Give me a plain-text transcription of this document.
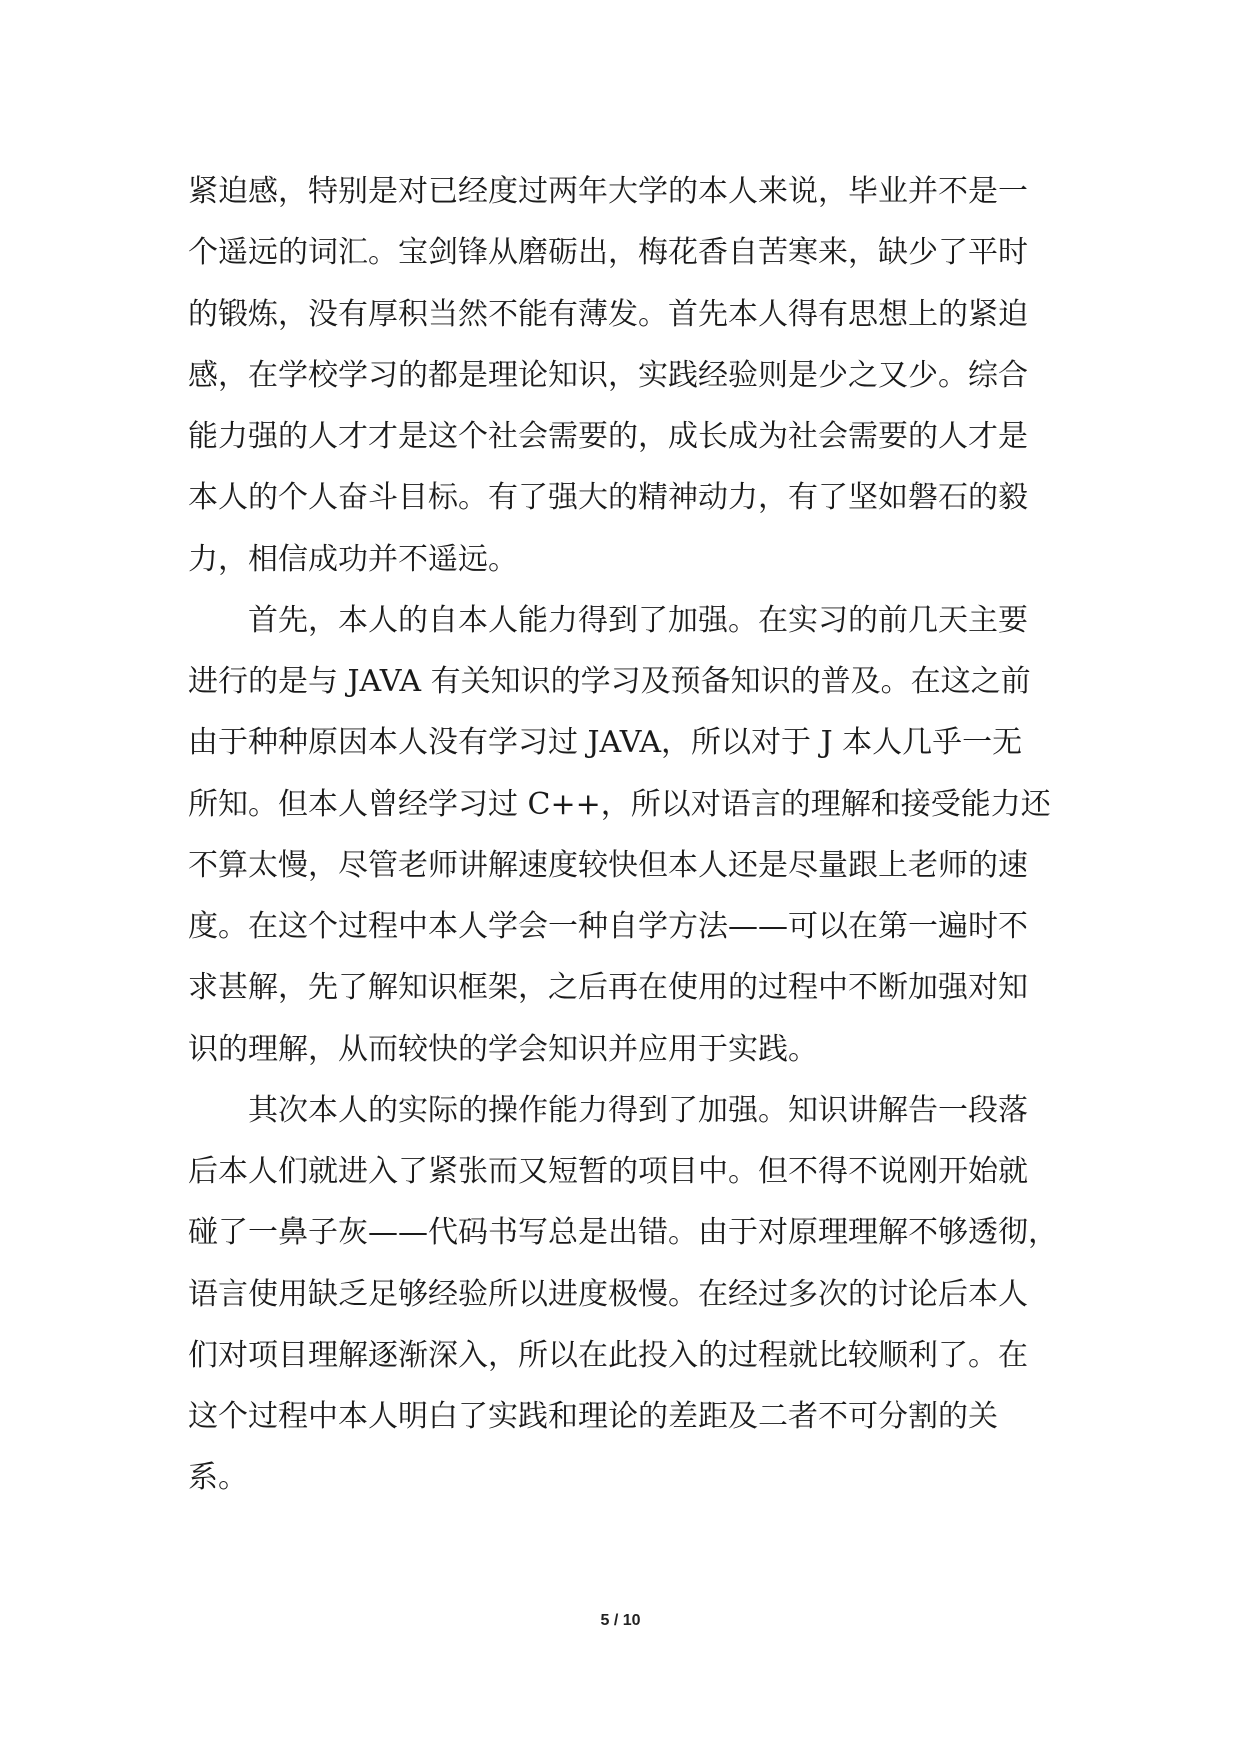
紧迫感，特别是对已经度过两年大学的本人来说，毕业并不是一
个遥远的词汇。宝剑锋从磨砺出，梅花香自苦寒来，缺少了平时
的锻炼，没有厚积当然不能有薄发。首先本人得有思想上的紧迫
感，在学校学习的都是理论知识，实践经验则是少之又少。综合
能力强的人才才是这个社会需要的，成长成为社会需要的人才是
本人的个人奋斗目标。有了强大的精神动力，有了坚如磐石的毅
力，相信成功并不遥远。
　　首先，本人的自本人能力得到了加强。在实习的前几天主要
进行的是与 JAVA 有关知识的学习及预备知识的普及。在这之前
由于种种原因本人没有学习过 JAVA，所以对于 J 本人几乎一无
所知。但本人曾经学习过 C++，所以对语言的理解和接受能力还
不算太慢，尽管老师讲解速度较快但本人还是尽量跟上老师的速
度。在这个过程中本人学会一种自学方法——可以在第一遍时不
求甚解，先了解知识框架，之后再在使用的过程中不断加强对知
识的理解，从而较快的学会知识并应用于实践。
　　其次本人的实际的操作能力得到了加强。知识讲解告一段落
后本人们就进入了紧张而又短暂的项目中。但不得不说刚开始就
碰了一鼻子灰——代码书写总是出错。由于对原理理解不够透彻，
语言使用缺乏足够经验所以进度极慢。在经过多次的讨论后本人
们对项目理解逐渐深入，所以在此投入的过程就比较顺利了。在
这个过程中本人明白了实践和理论的差距及二者不可分割的关
系。
5 / 10
